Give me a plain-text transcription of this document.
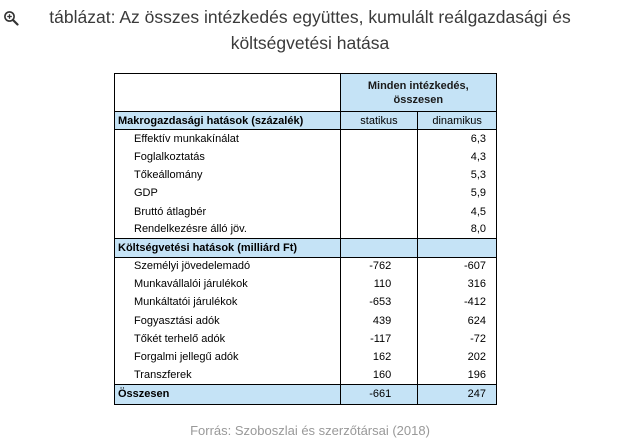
táblázat: Az összes intézkedés együttes, kumulált reálgazdasági és
költségvetési hatása

	Minden intézkedés,
összesen	

Makrogazdasági hatások (százalék)	statikus	dinamikus
Effektív munkakínálat		6,3
Foglalkoztatás		4,3
Tőkeállomány		5,3
GDP		5,9
Bruttó átlagbér		4,5
Rendelkezésre álló jöv.		8,0
Költségvetési hatások (milliárd Ft)		
Személyi jövedelemadó	-762	-607
Munkavállalói járulékok	110	316
Munkáltatói járulékok	-653	-412
Fogyasztási adók	439	624
Tőkét terhelő adók	-117	-72
Forgalmi jellegű adók	162	202
Transzferek	160	196
Összesen	-661	247
Forrás: Szoboszlai és szerzőtársai (2018)
